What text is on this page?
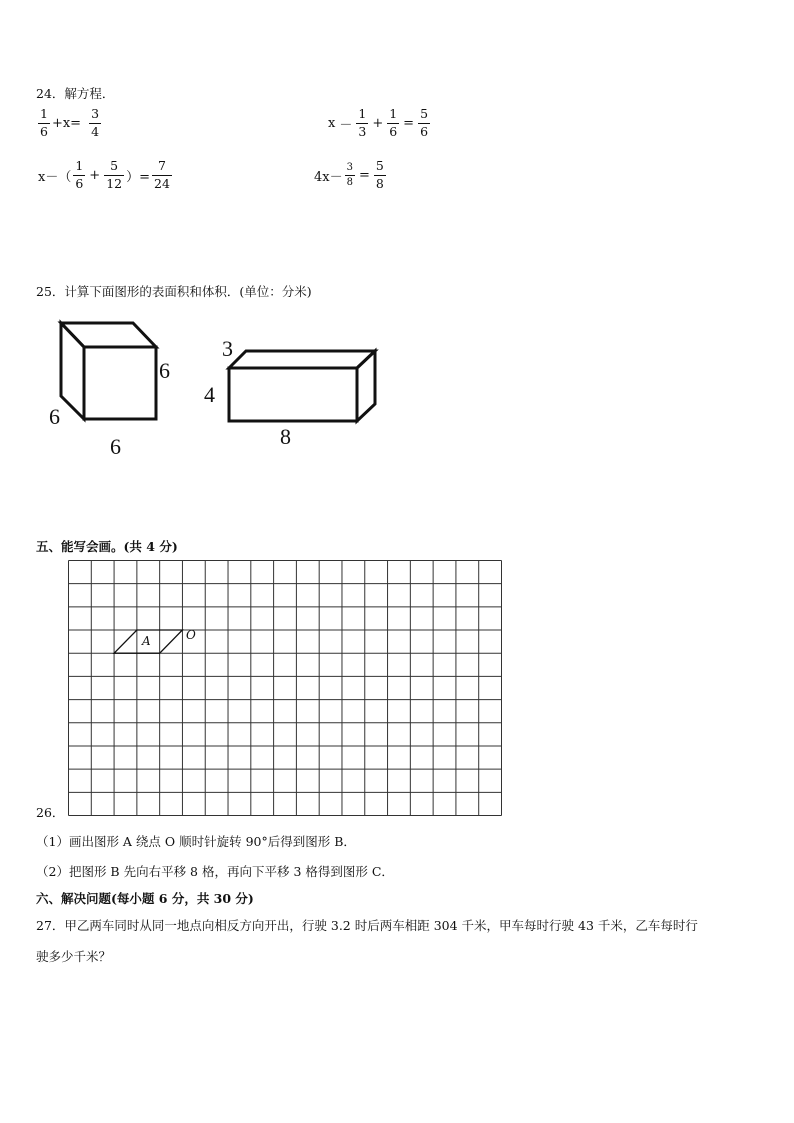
24．解方程．
$\frac{1}{6} +x= \frac{3}{4}$	$x - \frac{1}{3} + \frac{1}{6} = \frac{5}{6}$
$x-( \frac{1}{6} + \frac{5}{12}$ ）= $\frac{7}{24}$	$4x- \frac{3}{8} = \frac{5}{8}$
25．计算下面图形的表面积和体积．(单位：分米)
6
6
6
3
4
8
五、能写会画。(共 4 分)
A	O
26．
（1）画出图形 A 绕点 O 顺时针旋转 90°后得到图形 B．
（2）把图形 B 先向右平移 8 格，再向下平移 3 格得到图形 C．
六、解决问题(每小题 6 分，共 30 分)
27．甲乙两车同时从同一地点向相反方向开出，行驶 3.2 时后两车相距 304 千米，甲车每时行驶 43 千米，乙车每时行
驶多少千米？
